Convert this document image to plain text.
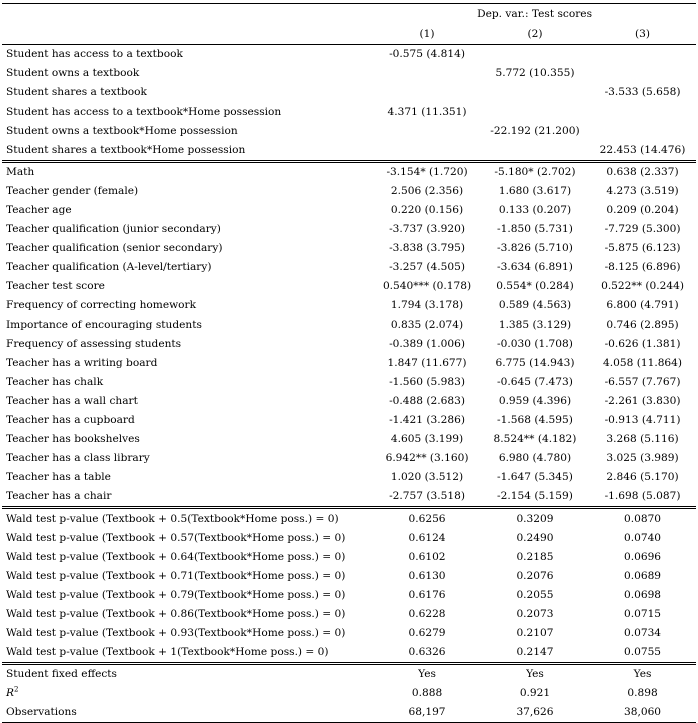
	Dep. var.: Test scores		
	(1)	(2)	(3)
Student has access to a textbook	-0.575 (4.814)		
Student owns a textbook		5.772 (10.355)	
Student shares a textbook			-3.533 (5.658)
Student has access to a textbook*Home possession	4.371 (11.351)		
Student owns a textbook*Home possession		-22.192 (21.200)	
Student shares a textbook*Home possession			22.453 (14.476)
Math	-3.154* (1.720)	-5.180* (2.702)	0.638 (2.337)
Teacher gender (female)	2.506 (2.356)	1.680 (3.617)	4.273 (3.519)
Teacher age	0.220 (0.156)	0.133 (0.207)	0.209 (0.204)
Teacher qualification (junior secondary)	-3.737 (3.920)	-1.850 (5.731)	-7.729 (5.300)
Teacher qualification (senior secondary)	-3.838 (3.795)	-3.826 (5.710)	-5.875 (6.123)
Teacher qualification (A-level/tertiary)	-3.257 (4.505)	-3.634 (6.891)	-8.125 (6.896)
Teacher test score	0.540*** (0.178)	0.554* (0.284)	0.522** (0.244)
Frequency of correcting homework	1.794 (3.178)	0.589 (4.563)	6.800 (4.791)
Importance of encouraging students	0.835 (2.074)	1.385 (3.129)	0.746 (2.895)
Frequency of assessing students	-0.389 (1.006)	-0.030 (1.708)	-0.626 (1.381)
Teacher has a writing board	1.847 (11.677)	6.775 (14.943)	4.058 (11.864)
Teacher has chalk	-1.560 (5.983)	-0.645 (7.473)	-6.557 (7.767)
Teacher has a wall chart	-0.488 (2.683)	0.959 (4.396)	-2.261 (3.830)
Teacher has a cupboard	-1.421 (3.286)	-1.568 (4.595)	-0.913 (4.711)
Teacher has bookshelves	4.605 (3.199)	8.524** (4.182)	3.268 (5.116)
Teacher has a class library	6.942** (3.160)	6.980 (4.780)	3.025 (3.989)
Teacher has a table	1.020 (3.512)	-1.647 (5.345)	2.846 (5.170)
Teacher has a chair	-2.757 (3.518)	-2.154 (5.159)	-1.698 (5.087)
Wald test p-value (Textbook + 0.5(Textbook*Home poss.) = 0)	0.6256	0.3209	0.0870
Wald test p-value (Textbook + 0.57(Textbook*Home poss.) = 0)	0.6124	0.2490	0.0740
Wald test p-value (Textbook + 0.64(Textbook*Home poss.) = 0)	0.6102	0.2185	0.0696
Wald test p-value (Textbook + 0.71(Textbook*Home poss.) = 0)	0.6130	0.2076	0.0689
Wald test p-value (Textbook + 0.79(Textbook*Home poss.) = 0)	0.6176	0.2055	0.0698
Wald test p-value (Textbook + 0.86(Textbook*Home poss.) = 0)	0.6228	0.2073	0.0715
Wald test p-value (Textbook + 0.93(Textbook*Home poss.) = 0)	0.6279	0.2107	0.0734
Wald test p-value (Textbook + 1(Textbook*Home poss.) = 0)	0.6326	0.2147	0.0755
Student fixed effects	Yes	Yes	Yes
$R^2$	0.888	0.921	0.898
Observations	68,197	37,626	38,060
